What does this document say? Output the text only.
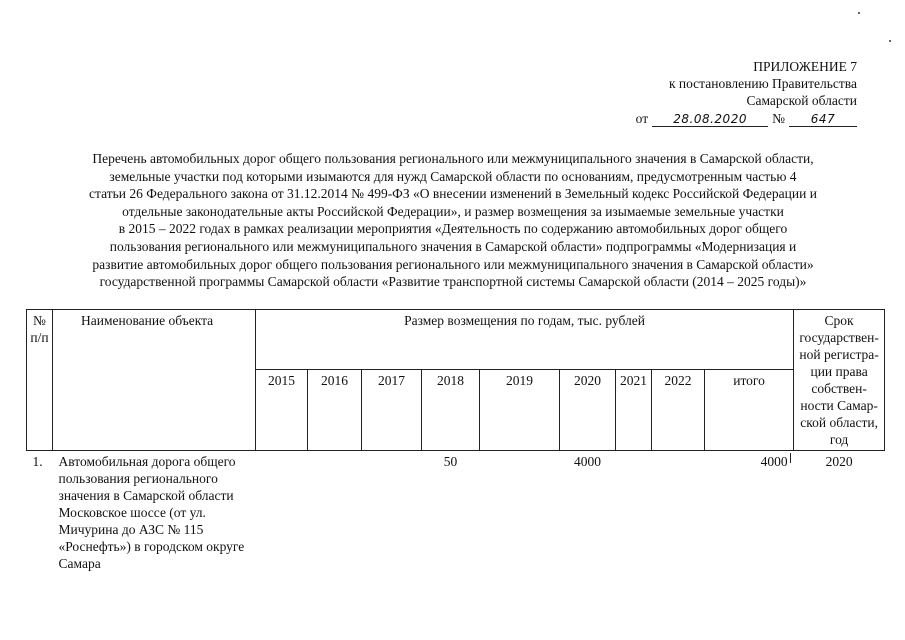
ПРИЛОЖЕНИЕ 7
к постановлению Правительства
Самарской области
от	28.08.2020	№	647
Перечень автомобильных дорог общего пользования регионального или межмуниципального значения в Самарской области,
земельные участки под которыми изымаются для нужд Самарской области по основаниям, предусмотренным частью 4
статьи 26 Федерального закона от 31.12.2014 № 499-ФЗ «О внесении изменений в Земельный кодекс Российской Федерации и
отдельные законодательные акты Российской Федерации», и размер возмещения за изымаемые земельные участки
в 2015 – 2022 годах в рамках реализации мероприятия «Деятельность по содержанию автомобильных дорог общего
пользования регионального или межмуниципального значения в Самарской области» подпрограммы «Модернизация и
развитие автомобильных дорог общего пользования регионального или межмуниципального значения в Самарской области»
государственной программы Самарской области «Развитие транспортной системы Самарской области (2014 – 2025 годы)»
№ п/п	Наименование объекта	Размер возмещения по годам, тыс. рублей									Срок государствен-ной регистра-ции права собствен-ности Самар-ской области, год
		2015	2016	2017	2018	2019	2020	2021	2022	итого	
1.	Автомобильная дорога общего пользования регионального значения в Самарской области Московское шоссе (от ул. Мичурина до АЗС № 115 «Роснефть») в городском округе Самара				50		4000			4000	2020
